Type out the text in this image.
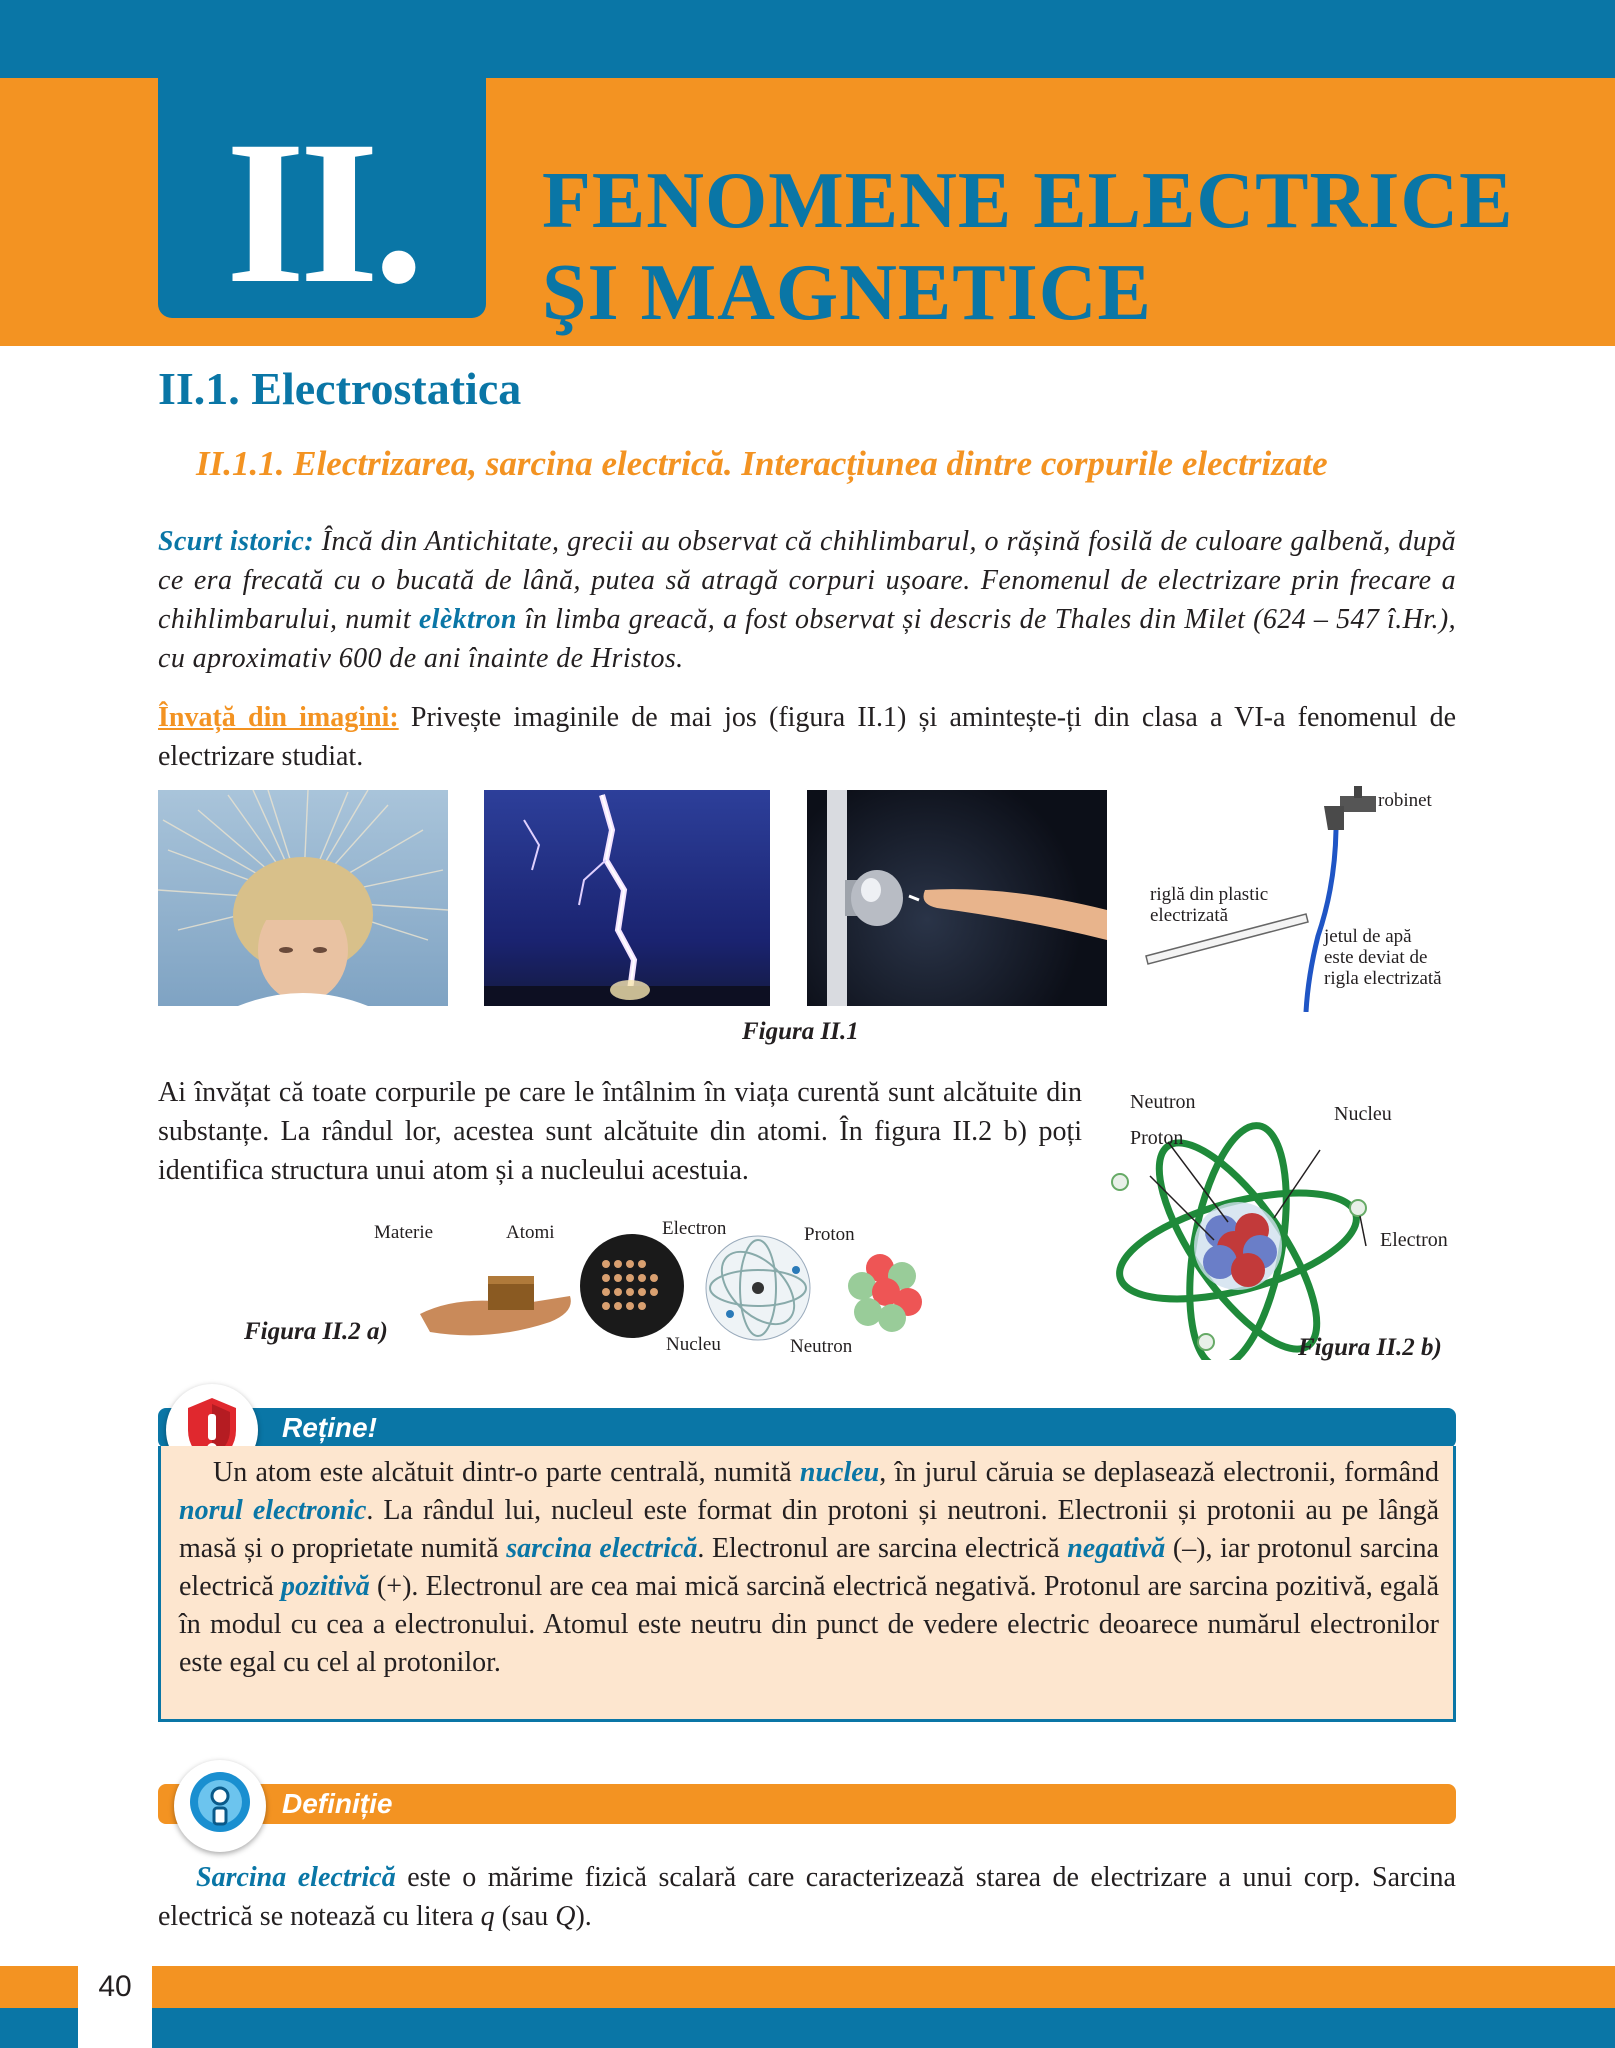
II.	FENOMENE ELECTRICE
ŞI MAGNETICE
II.1. Electrostatica
II.1.1. Electrizarea, sarcina electrică. Interacțiunea dintre corpurile electrizate

Scurt istoric: Încă din Antichitate, grecii au observat că chihlimbarul, o rășină fosilă de culoare galbenă, după ce era frecată cu o bucată de lână, putea să atragă corpuri ușoare. Fenomenul de electrizare prin frecare a chihlimbarului, numit elèktron în limba greacă, a fost observat și descris de Thales din Milet (624 – 547 î.Hr.), cu aproximativ 600 de ani înainte de Hristos.

Învață din imagini: Privește imaginile de mai jos (figura II.1) și amintește-ți din clasa a VI-a fenomenul de electrizare studiat.

robinet
riglă din plastic
electrizată
jetul de apă
este deviat de
rigla electrizată
Figura II.1

Ai învățat că toate corpurile pe care le întâlnim în viața curentă sunt alcătuite din substanțe. La rândul lor, acestea sunt alcătuite din atomi. În figura II.2 b) poți identifica structura unui atom și a nucleului acestuia.

Materie	Atomi	Electron	Proton
Nucleu	Neutron
Figura II.2 a)
Neutron
Proton
Nucleu
Electron
Figura II.2 b)
Reține!

Un atom este alcătuit dintr-o parte centrală, numită nucleu, în jurul căruia se deplasează electronii, formând norul electronic. La rândul lui, nucleul este format din protoni și neutroni. Electronii și protonii au pe lângă masă și o proprietate numită sarcina electrică. Electronul are sarcina electrică negativă (–), iar protonul sarcina electrică pozitivă (+). Electronul are cea mai mică sarcină electrică negativă. Protonul are sarcina pozitivă, egală în modul cu cea a electronului. Atomul este neutru din punct de vedere electric deoarece numărul electronilor este egal cu cel al protonilor.

Definiție

Sarcina electrică este o mărime fizică scalară care caracterizează starea de electrizare a unui corp. Sarcina electrică se notează cu litera q (sau Q).

40
